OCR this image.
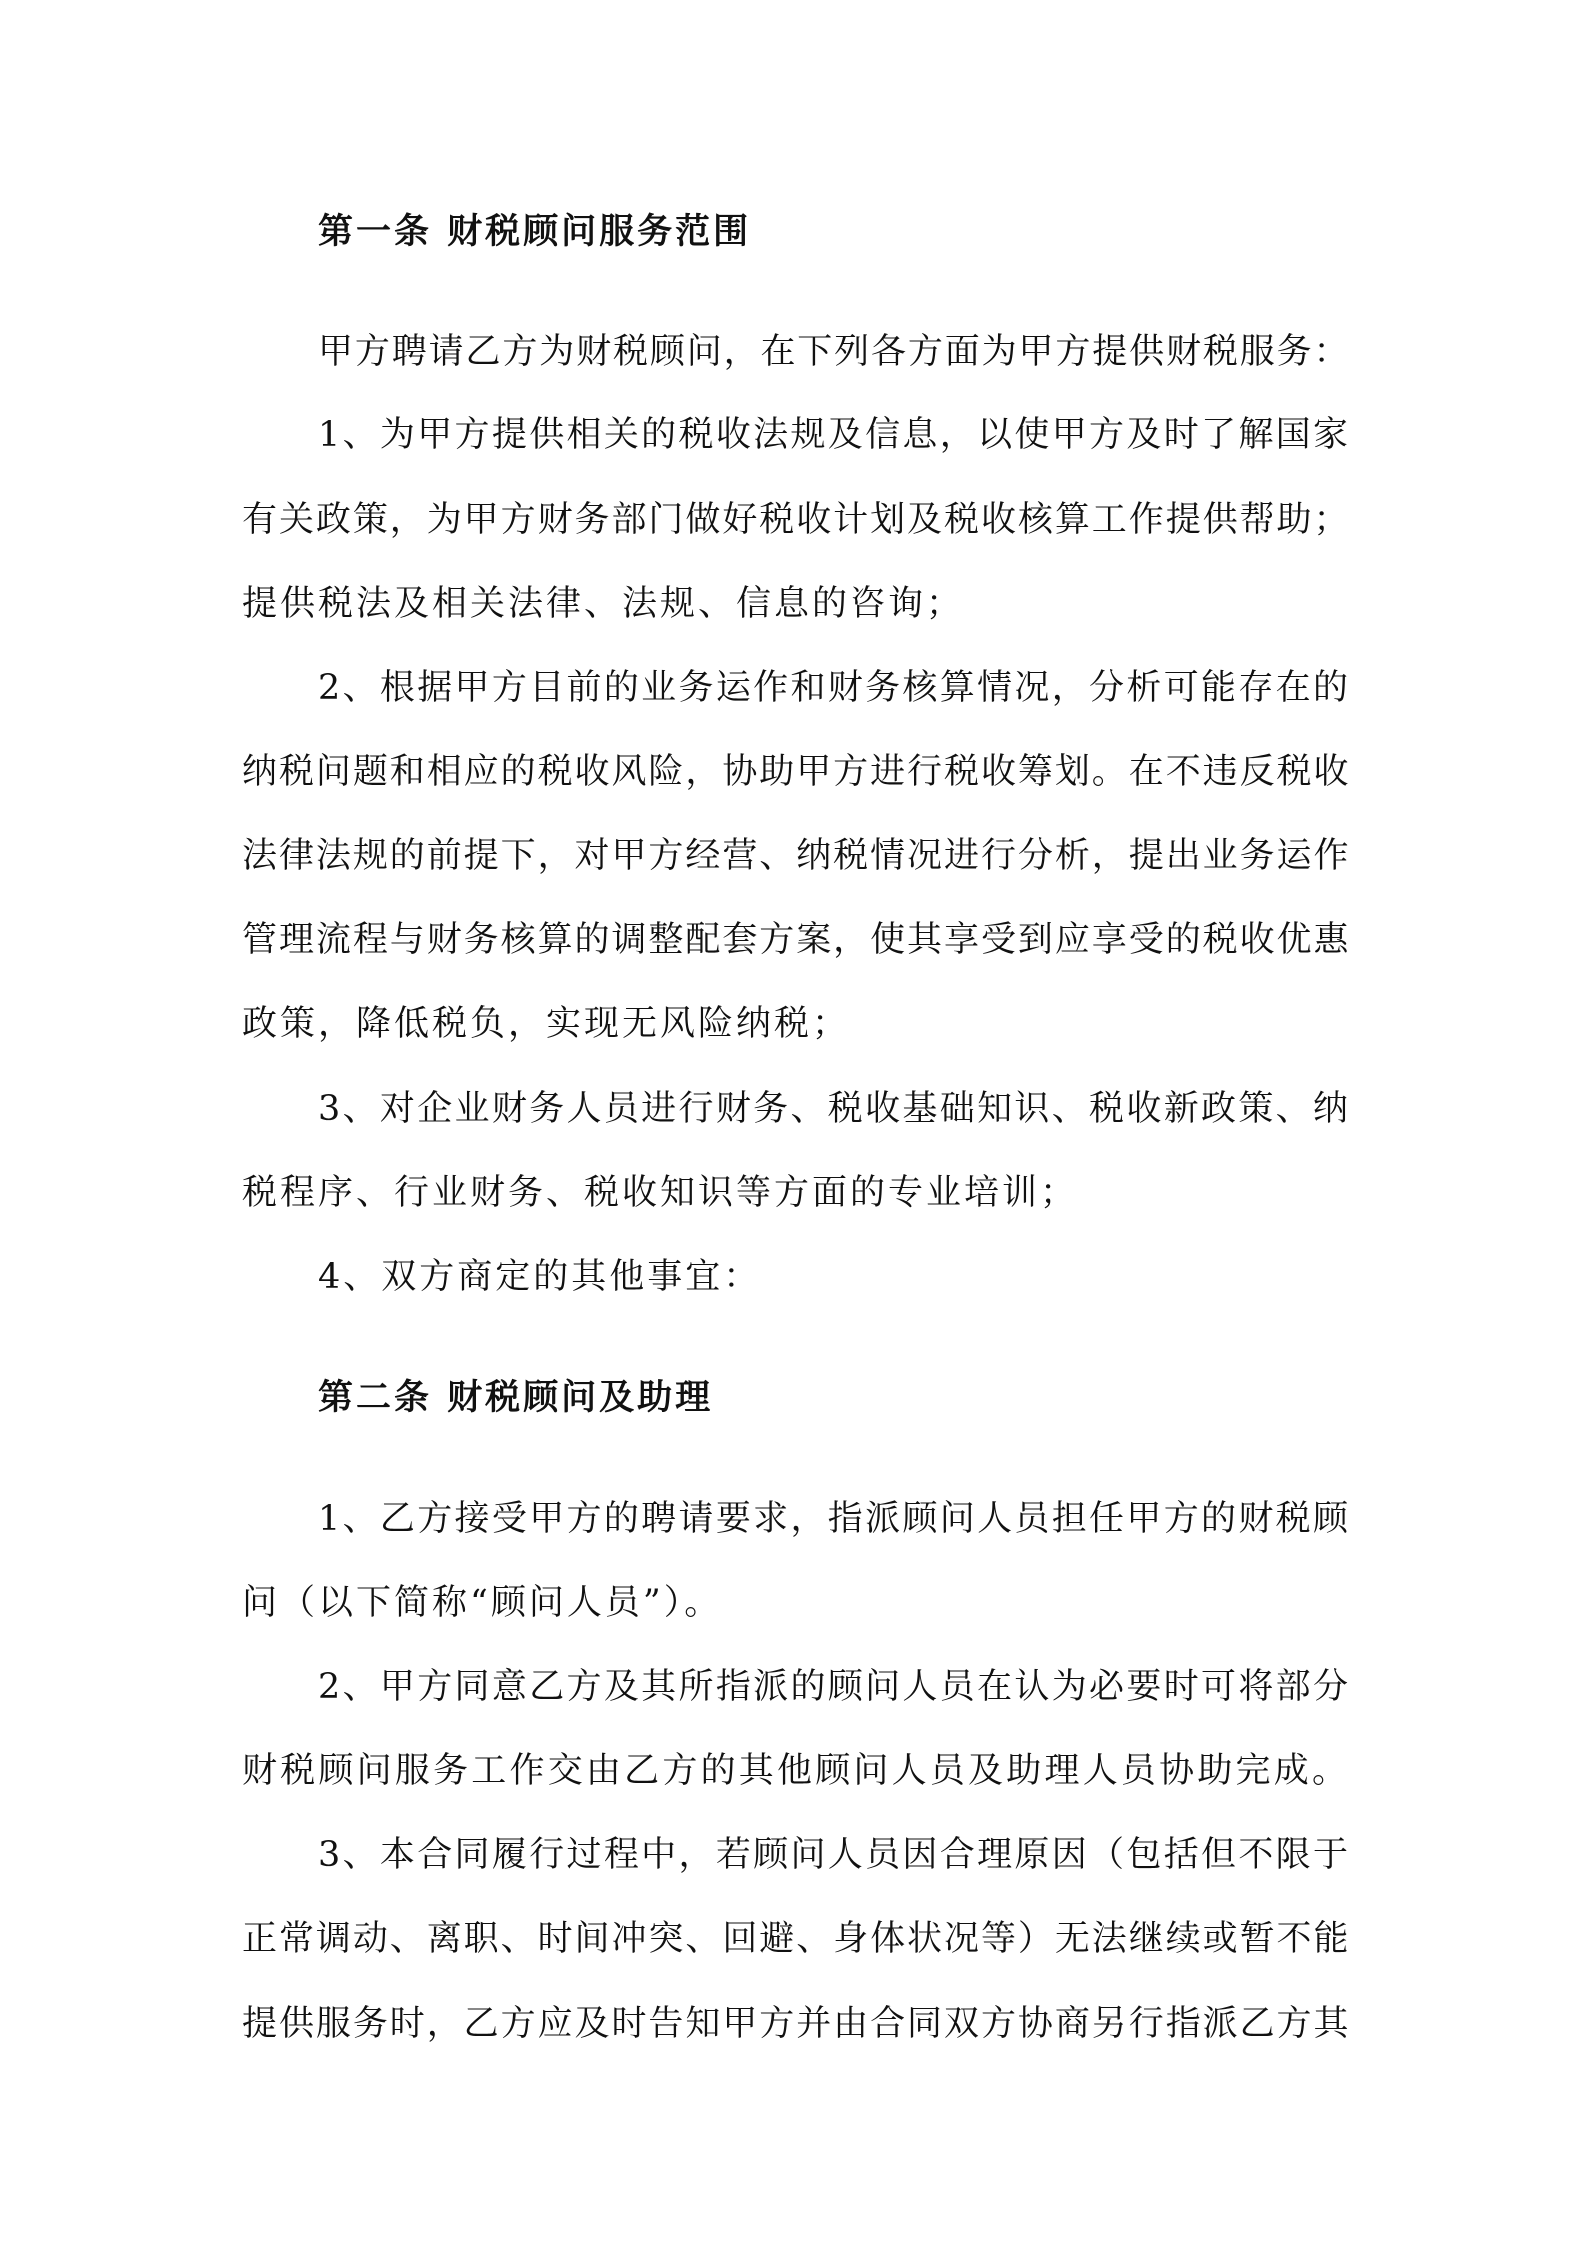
第一条 财税顾问服务范围
甲方聘请乙方为财税顾问，在下列各方面为甲方提供财税服务：
1、为甲方提供相关的税收法规及信息，以使甲方及时了解国家
有关政策，为甲方财务部门做好税收计划及税收核算工作提供帮助；
提供税法及相关法律、法规、信息的咨询；
2、根据甲方目前的业务运作和财务核算情况，分析可能存在的
纳税问题和相应的税收风险，协助甲方进行税收筹划。在不违反税收
法律法规的前提下，对甲方经营、纳税情况进行分析，提出业务运作
管理流程与财务核算的调整配套方案，使其享受到应享受的税收优惠
政策，降低税负，实现无风险纳税；
3、对企业财务人员进行财务、税收基础知识、税收新政策、纳
税程序、行业财务、税收知识等方面的专业培训；
4、双方商定的其他事宜：
第二条 财税顾问及助理
1、乙方接受甲方的聘请要求，指派顾问人员担任甲方的财税顾
问（以下简称“顾问人员”）。
2、甲方同意乙方及其所指派的顾问人员在认为必要时可将部分
财税顾问服务工作交由乙方的其他顾问人员及助理人员协助完成。
3、本合同履行过程中，若顾问人员因合理原因（包括但不限于
正常调动、离职、时间冲突、回避、身体状况等）无法继续或暂不能
提供服务时，乙方应及时告知甲方并由合同双方协商另行指派乙方其
